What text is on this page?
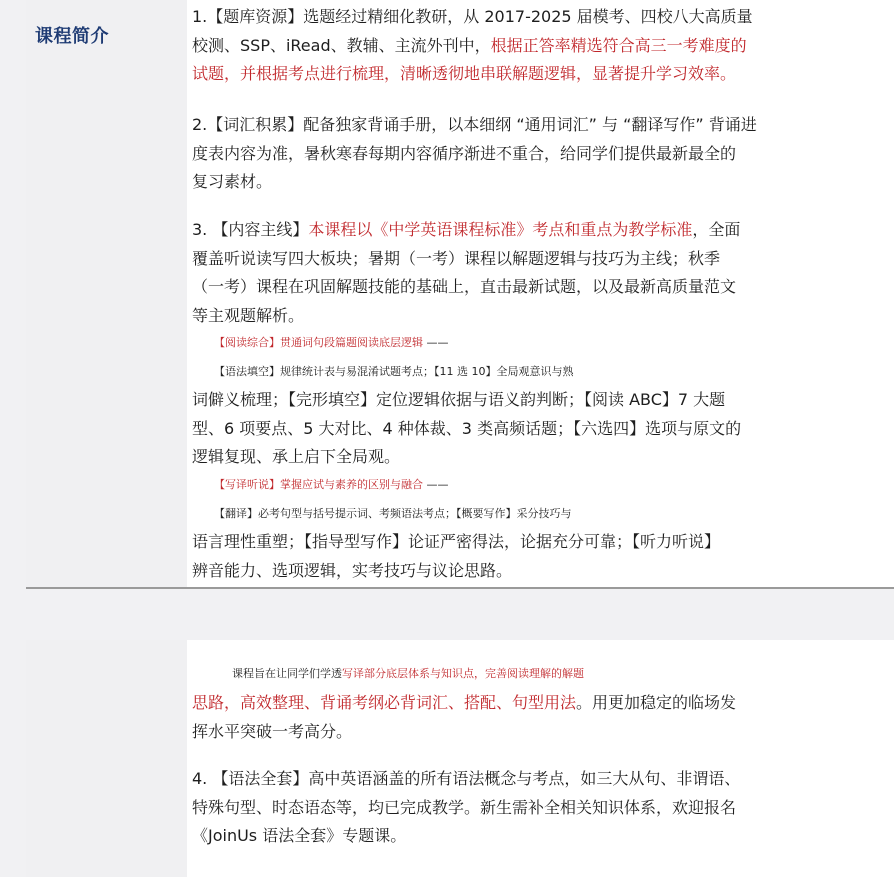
课程简介
1.【题库资源】选题经过精细化教研，从 2017-2025 届模考、四校八大高质量
校测、SSP、iRead、教辅、主流外刊中，根据正答率精选符合高三一考难度的
试题，并根据考点进行梳理，清晰透彻地串联解题逻辑，显著提升学习效率。
2.【词汇积累】配备独家背诵手册，以本细纲 “通用词汇” 与 “翻译写作” 背诵进
度表内容为准，暑秋寒春每期内容循序渐进不重合，给同学们提供最新最全的
复习素材。
3. 【内容主线】本课程以《中学英语课程标准》考点和重点为教学标准，全面
覆盖听说读写四大板块；暑期（一考）课程以解题逻辑与技巧为主线；秋季
（一考）课程在巩固解题技能的基础上，直击最新试题，以及最新高质量范文
等主观题解析。
【阅读综合】贯通词句段篇题阅读底层逻辑 ——
【语法填空】规律统计表与易混淆试题考点；【11 选 10】全局观意识与熟
词僻义梳理；【完形填空】定位逻辑依据与语义韵判断；【阅读 ABC】7 大题
型、6 项要点、5 大对比、4 种体裁、3 类高频话题；【六选四】选项与原文的
逻辑复现、承上启下全局观。
【写译听说】掌握应试与素养的区别与融合 ——
【翻译】必考句型与括号提示词、考频语法考点；【概要写作】采分技巧与
语言理性重塑；【指导型写作】论证严密得法，论据充分可靠；【听力听说】
辨音能力、选项逻辑，实考技巧与议论思路。
课程旨在让同学们学透写译部分底层体系与知识点，完善阅读理解的解题
思路，高效整理、背诵考纲必背词汇、搭配、句型用法。用更加稳定的临场发
挥水平突破一考高分。
4. 【语法全套】高中英语涵盖的所有语法概念与考点，如三大从句、非谓语、
特殊句型、时态语态等，均已完成教学。新生需补全相关知识体系，欢迎报名
《JoinUs 语法全套》专题课。
